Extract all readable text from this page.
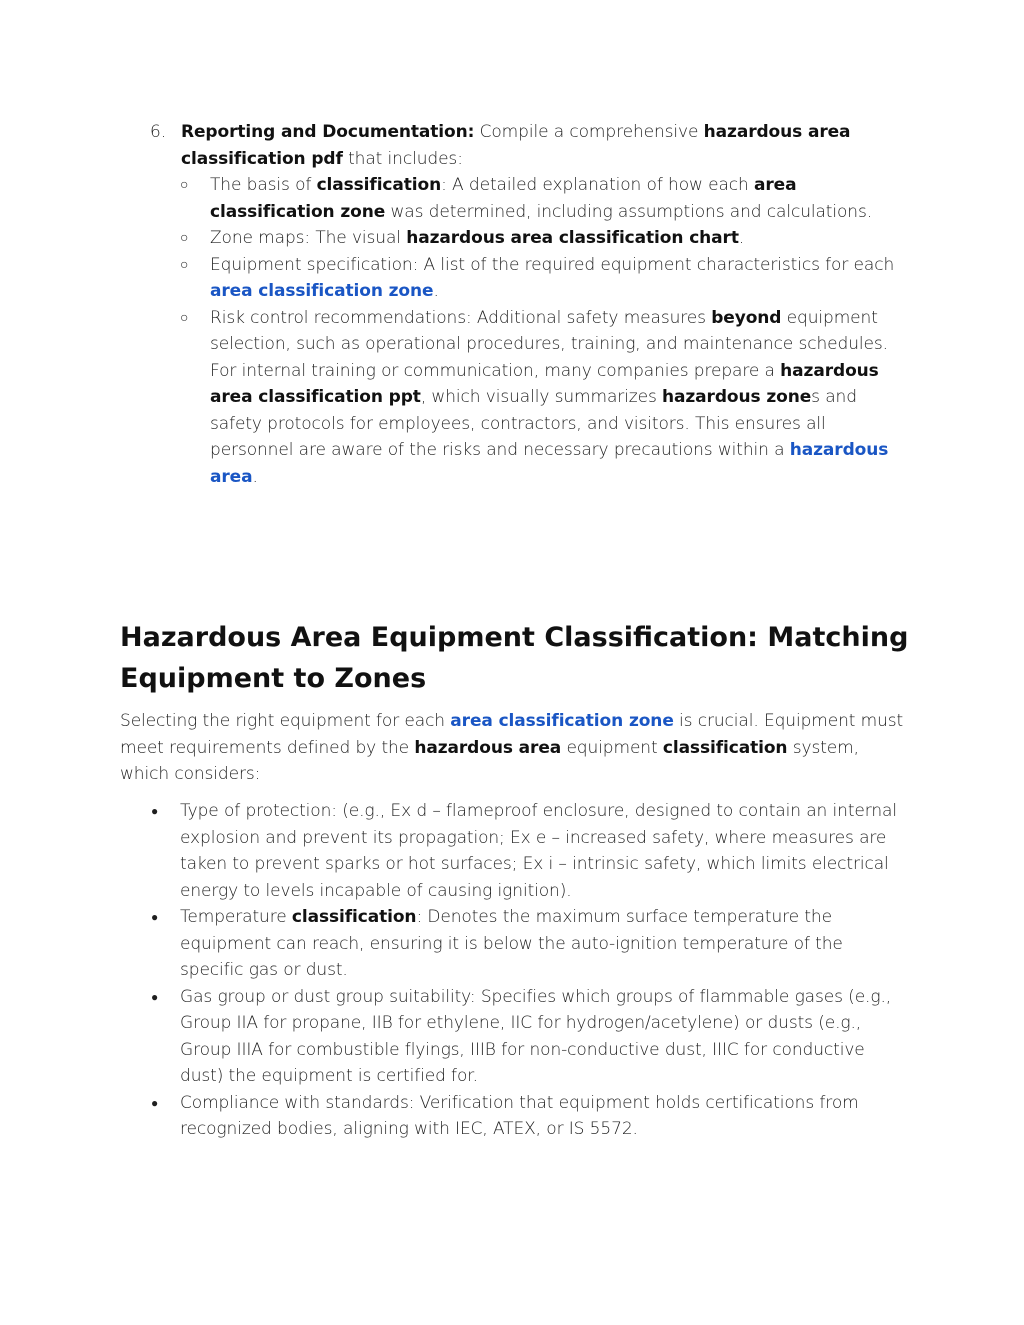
6. Reporting and Documentation: Compile a comprehensive hazardous area classification pdf that includes:
○ The basis of classification: A detailed explanation of how each area classification zone was determined, including assumptions and calculations.
○ Zone maps: The visual hazardous area classification chart.
○ Equipment specification: A list of the required equipment characteristics for each area classification zone.
○ Risk control recommendations: Additional safety measures beyond equipment selection, such as operational procedures, training, and maintenance schedules. For internal training or communication, many companies prepare a hazardous area classification ppt, which visually summarizes hazardous zones and safety protocols for employees, contractors, and visitors. This ensures all personnel are aware of the risks and necessary precautions within a hazardous area.
Hazardous Area Equipment Classification: Matching Equipment to Zones

Selecting the right equipment for each area classification zone is crucial. Equipment must meet requirements defined by the hazardous area equipment classification system, which considers:

● Type of protection: (e.g., Ex d – flameproof enclosure, designed to contain an internal explosion and prevent its propagation; Ex e – increased safety, where measures are taken to prevent sparks or hot surfaces; Ex i – intrinsic safety, which limits electrical energy to levels incapable of causing ignition).
● Temperature classification: Denotes the maximum surface temperature the equipment can reach, ensuring it is below the auto-ignition temperature of the specific gas or dust.
● Gas group or dust group suitability: Specifies which groups of flammable gases (e.g., Group IIA for propane, IIB for ethylene, IIC for hydrogen/acetylene) or dusts (e.g., Group IIIA for combustible flyings, IIIB for non-conductive dust, IIIC for conductive dust) the equipment is certified for.
● Compliance with standards: Verification that equipment holds certifications from recognized bodies, aligning with IEC, ATEX, or IS 5572.
